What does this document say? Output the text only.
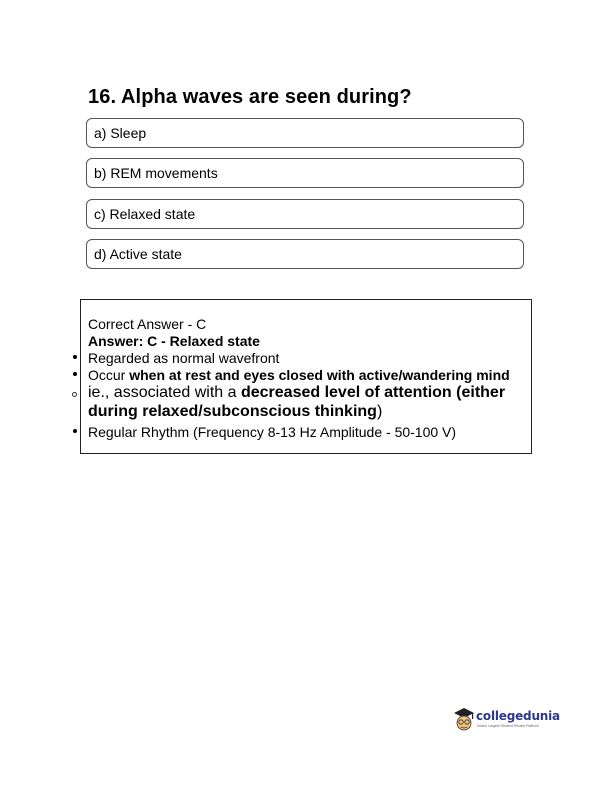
16. Alpha waves are seen during?
a) Sleep
b) REM movements
c) Relaxed state
d) Active state
Correct Answer - C
Answer: C - Relaxed state
Regarded as normal wavefront
Occur when at rest and eyes closed with active/wandering mind
ie., associated with a decreased level of attention (either
during relaxed/subconscious thinking)
Regular Rhythm (Frequency 8-13 Hz Amplitude - 50-100 V)
collegedunia
India's Largest Student Review Platform
